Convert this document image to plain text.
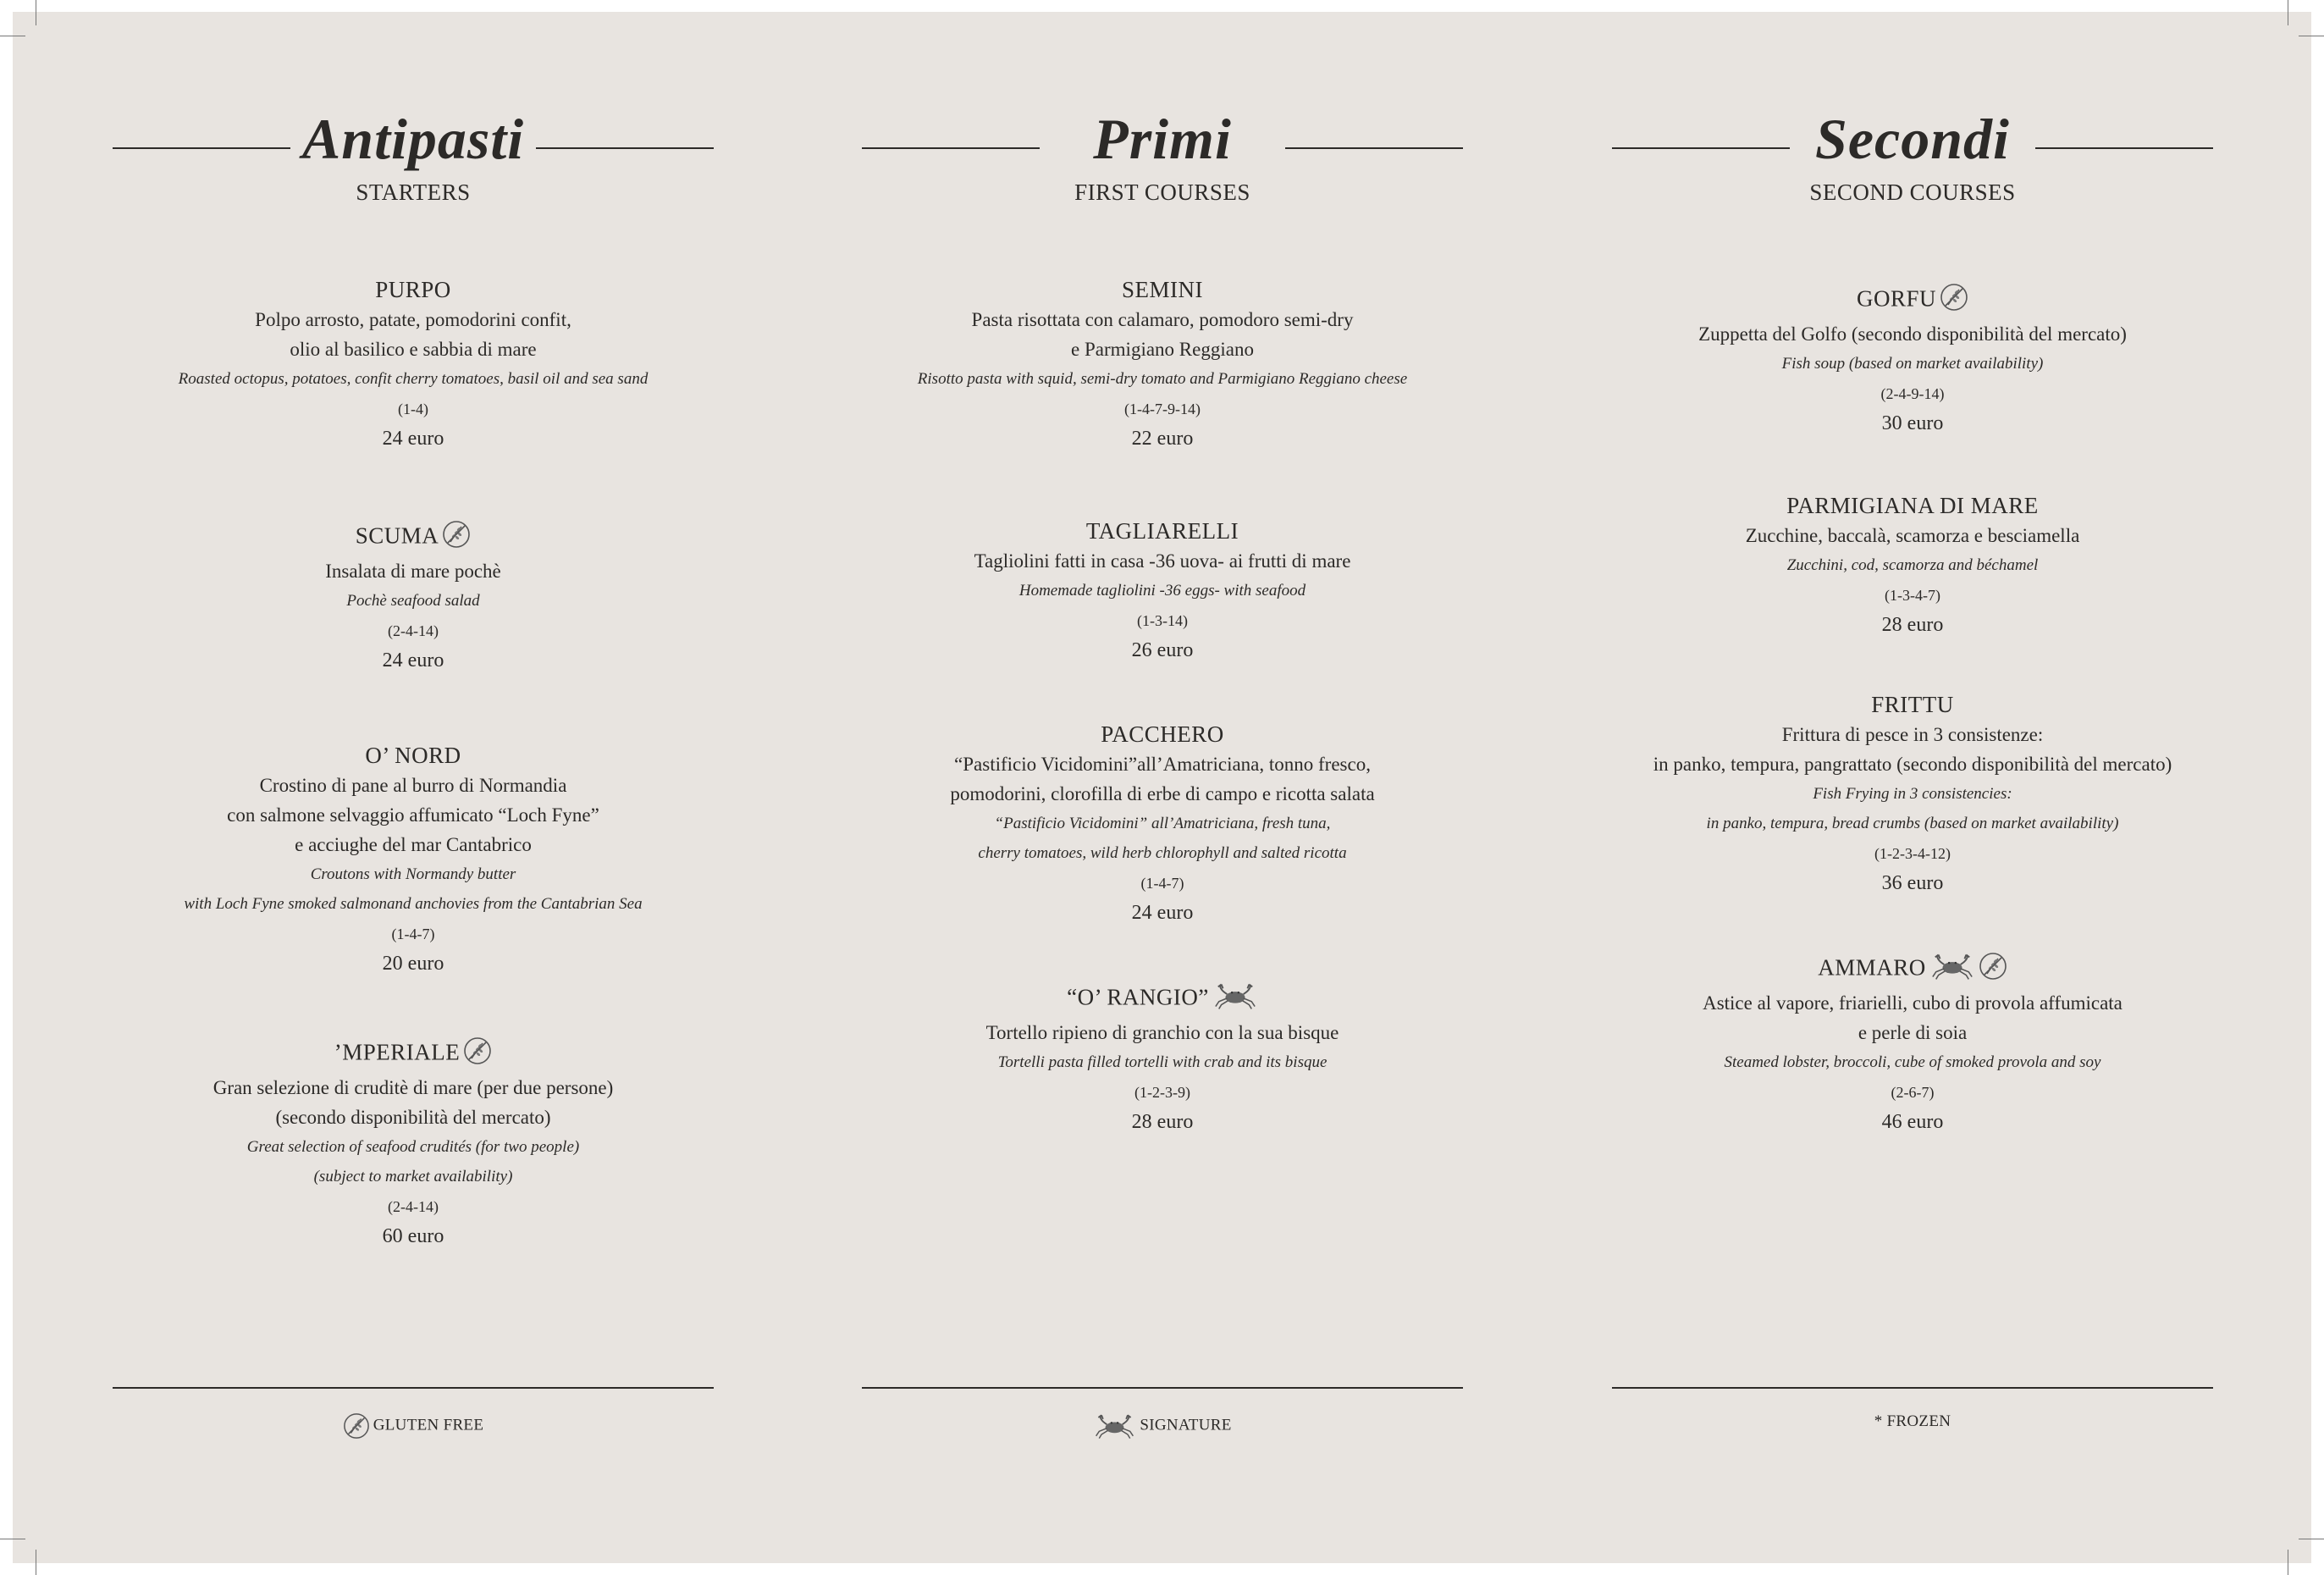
Antipasti
STARTERS
PURPO
Polpo arrosto, patate, pomodorini confit,
olio al basilico e sabbia di mare
Roasted octopus, potatoes, confit cherry tomatoes, basil oil and sea sand
(1-4)
24 euro
SCUMA
Insalata di mare pochè
Pochè seafood salad
(2-4-14)
24 euro
O’ NORD
Crostino di pane al burro di Normandia
con salmone selvaggio affumicato “Loch Fyne”
e acciughe del mar Cantabrico
Croutons with Normandy butter
with Loch Fyne smoked salmonand anchovies from the Cantabrian Sea
(1-4-7)
20 euro
’MPERIALE
Gran selezione di cruditè di mare (per due persone)
(secondo disponibilità del mercato)
Great selection of seafood crudités (for two people)
(subject to market availability)
(2-4-14)
60 euro
GLUTEN FREE
Primi
FIRST COURSES
SEMINI
Pasta risottata con calamaro, pomodoro semi-dry
e Parmigiano Reggiano
Risotto pasta with squid, semi-dry tomato and Parmigiano Reggiano cheese
(1-4-7-9-14)
22 euro
TAGLIARELLI
Tagliolini fatti in casa -36 uova- ai frutti di mare
Homemade tagliolini -36 eggs- with seafood
(1-3-14)
26 euro
PACCHERO
“Pastificio Vicidomini”all’Amatriciana, tonno fresco,
pomodorini, clorofilla di erbe di campo e ricotta salata
“Pastificio Vicidomini” all’Amatriciana, fresh tuna,
cherry tomatoes, wild herb chlorophyll and salted ricotta
(1-4-7)
24 euro
“O’ RANGIO”
Tortello ripieno di granchio con la sua bisque
Tortelli pasta filled tortelli with crab and its bisque
(1-2-3-9)
28 euro
SIGNATURE
Secondi
SECOND COURSES
GORFU
Zuppetta del Golfo (secondo disponibilità del mercato)
Fish soup (based on market availability)
(2-4-9-14)
30 euro
PARMIGIANA DI MARE
Zucchine, baccalà, scamorza e besciamella
Zucchini, cod, scamorza and béchamel
(1-3-4-7)
28 euro
FRITTU
Frittura di pesce in 3 consistenze:
in panko, tempura, pangrattato (secondo disponibilità del mercato)
Fish Frying in 3 consistencies:
in panko, tempura, bread crumbs (based on market availability)
(1-2-3-4-12)
36 euro
AMMARO
Astice al vapore, friarielli, cubo di provola affumicata
e perle di soia
Steamed lobster, broccoli, cube of smoked provola and soy
(2-6-7)
46 euro
* FROZEN
